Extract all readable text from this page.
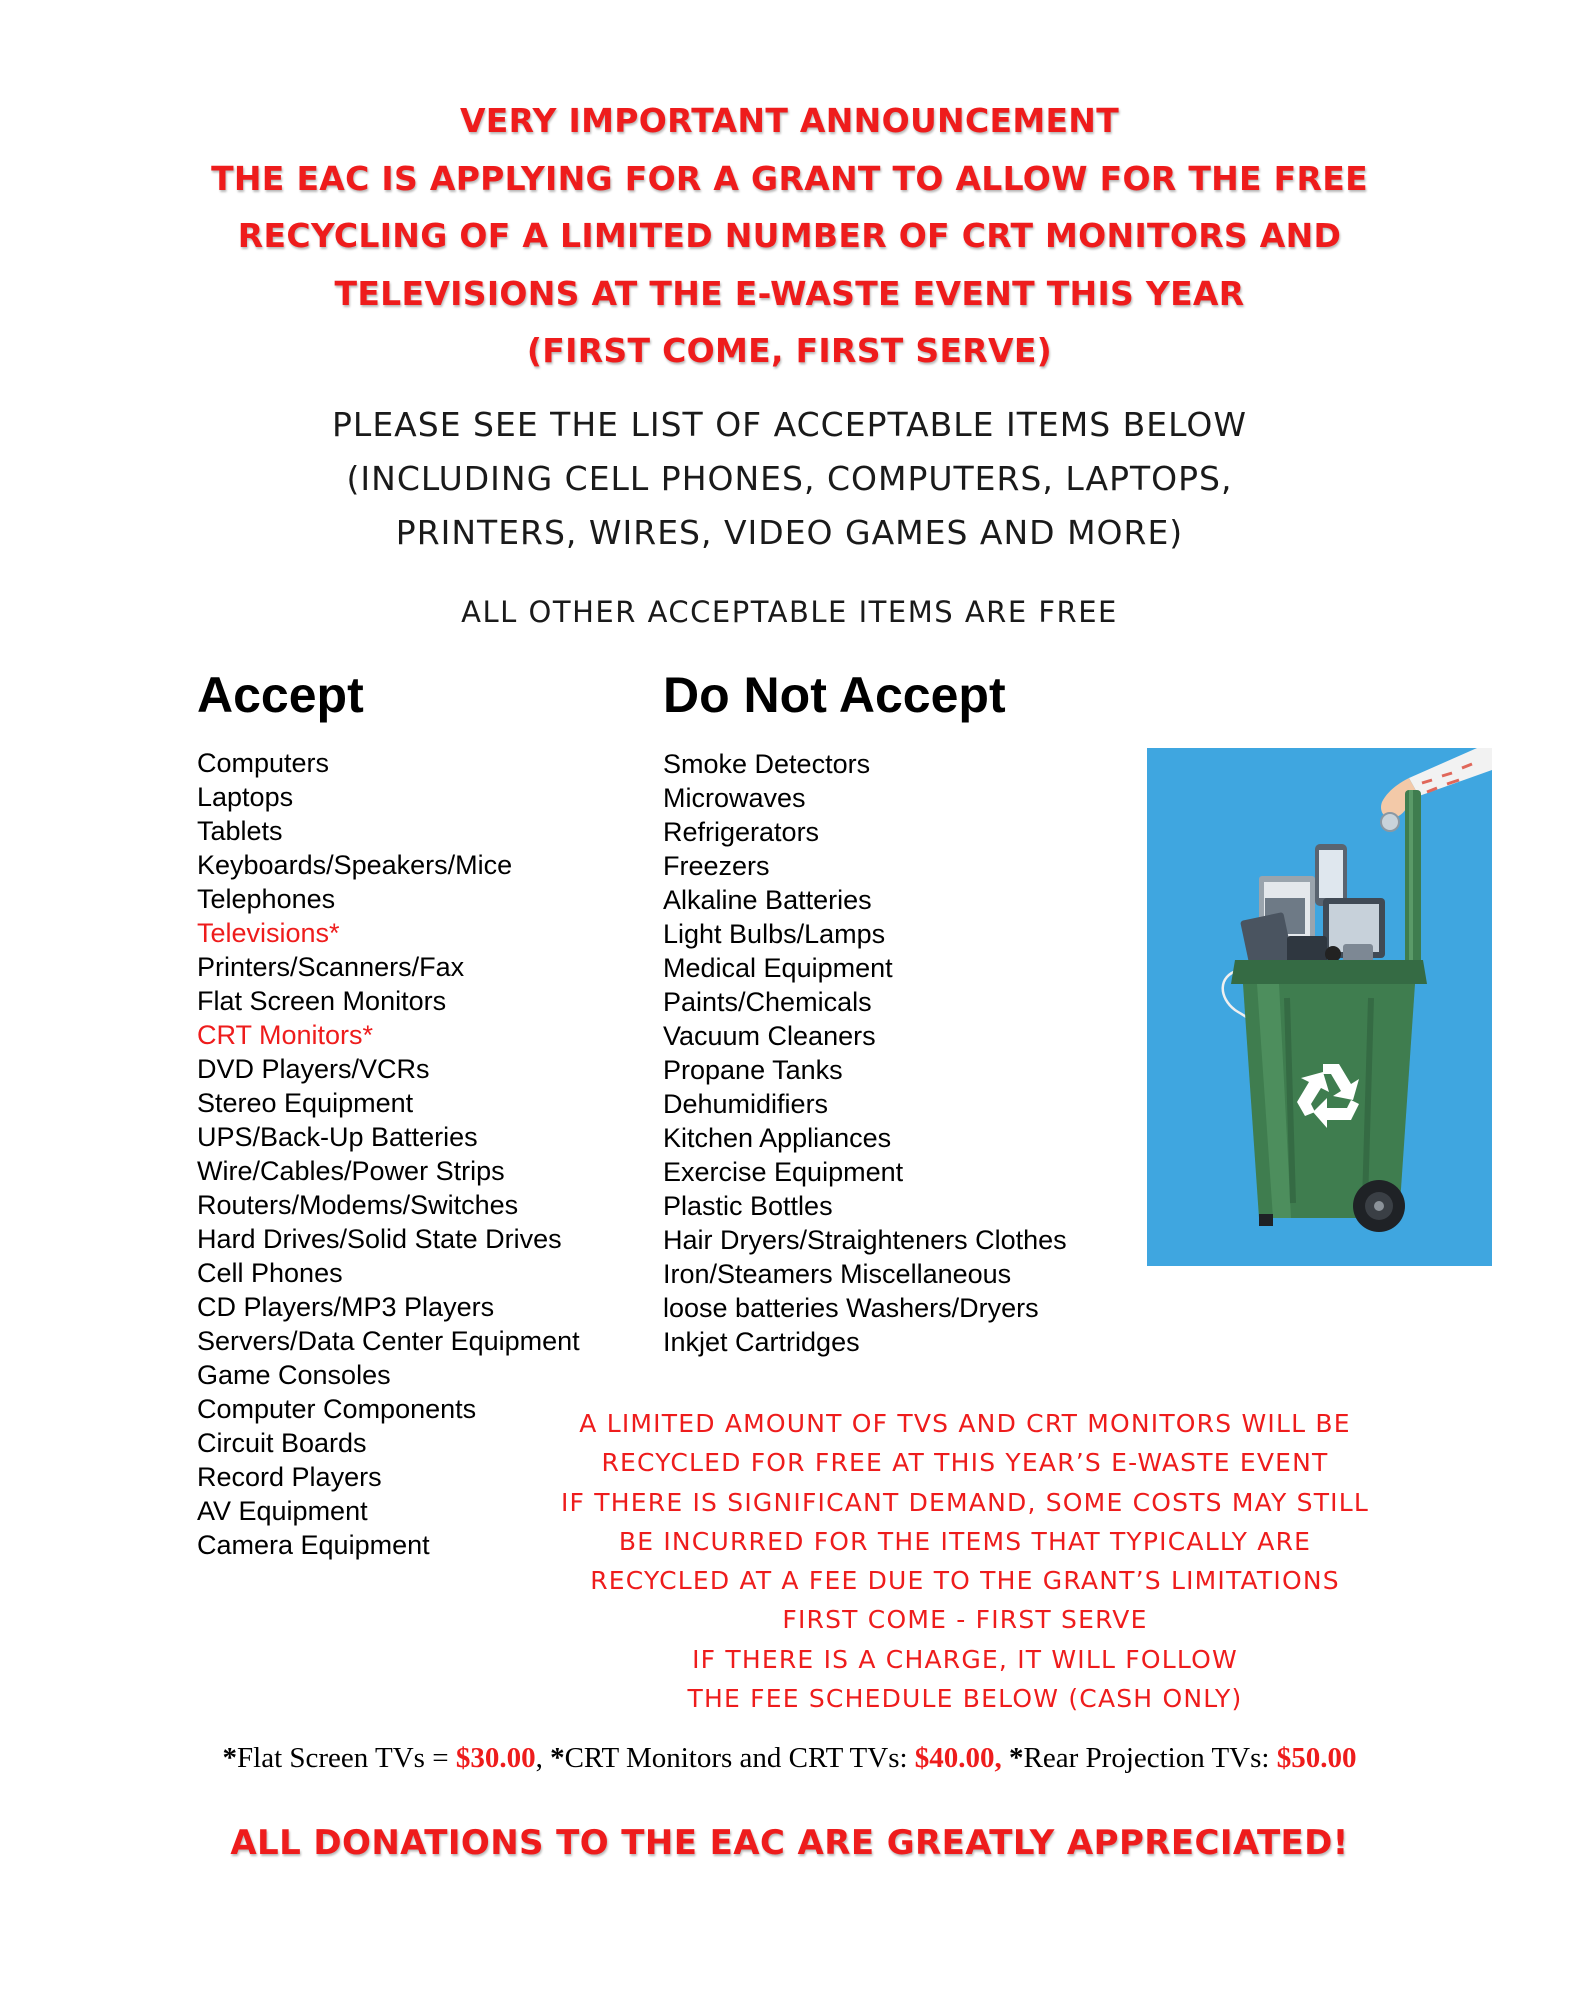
VERY IMPORTANT ANNOUNCEMENT
THE EAC IS APPLYING FOR A GRANT TO ALLOW FOR THE FREE
RECYCLING OF A LIMITED NUMBER OF CRT MONITORS AND
TELEVISIONS AT THE E-WASTE EVENT THIS YEAR
(FIRST COME, FIRST SERVE)
PLEASE SEE THE LIST OF ACCEPTABLE ITEMS BELOW
(INCLUDING CELL PHONES, COMPUTERS, LAPTOPS,
PRINTERS, WIRES, VIDEO GAMES AND MORE)
ALL OTHER ACCEPTABLE ITEMS ARE FREE
Accept	Do Not Accept
Computers
Laptops
Tablets
Keyboards/Speakers/Mice
Telephones
Televisions*
Printers/Scanners/Fax
Flat Screen Monitors
CRT Monitors*
DVD Players/VCRs
Stereo Equipment
UPS/Back-Up Batteries
Wire/Cables/Power Strips
Routers/Modems/Switches
Hard Drives/Solid State Drives
Cell Phones
CD Players/MP3 Players
Servers/Data Center Equipment
Game Consoles
Computer Components
Circuit Boards
Record Players
AV Equipment
Camera Equipment
Smoke Detectors
Microwaves
Refrigerators
Freezers
Alkaline Batteries
Light Bulbs/Lamps
Medical Equipment
Paints/Chemicals
Vacuum Cleaners
Propane Tanks
Dehumidifiers
Kitchen Appliances
Exercise Equipment
Plastic Bottles
Hair Dryers/Straighteners Clothes
Iron/Steamers Miscellaneous
loose batteries Washers/Dryers
Inkjet Cartridges
A LIMITED AMOUNT OF TVS AND CRT MONITORS WILL BE
RECYCLED FOR FREE AT THIS YEAR’S E-WASTE EVENT
IF THERE IS SIGNIFICANT DEMAND, SOME COSTS MAY STILL
BE INCURRED FOR THE ITEMS THAT TYPICALLY ARE
RECYCLED AT A FEE DUE TO THE GRANT’S LIMITATIONS
FIRST COME - FIRST SERVE
IF THERE IS A CHARGE, IT WILL FOLLOW
THE FEE SCHEDULE BELOW (CASH ONLY)
*Flat Screen TVs = $30.00, *CRT Monitors and CRT TVs: $40.00, *Rear Projection TVs: $50.00
ALL DONATIONS TO THE EAC ARE GREATLY APPRECIATED!
